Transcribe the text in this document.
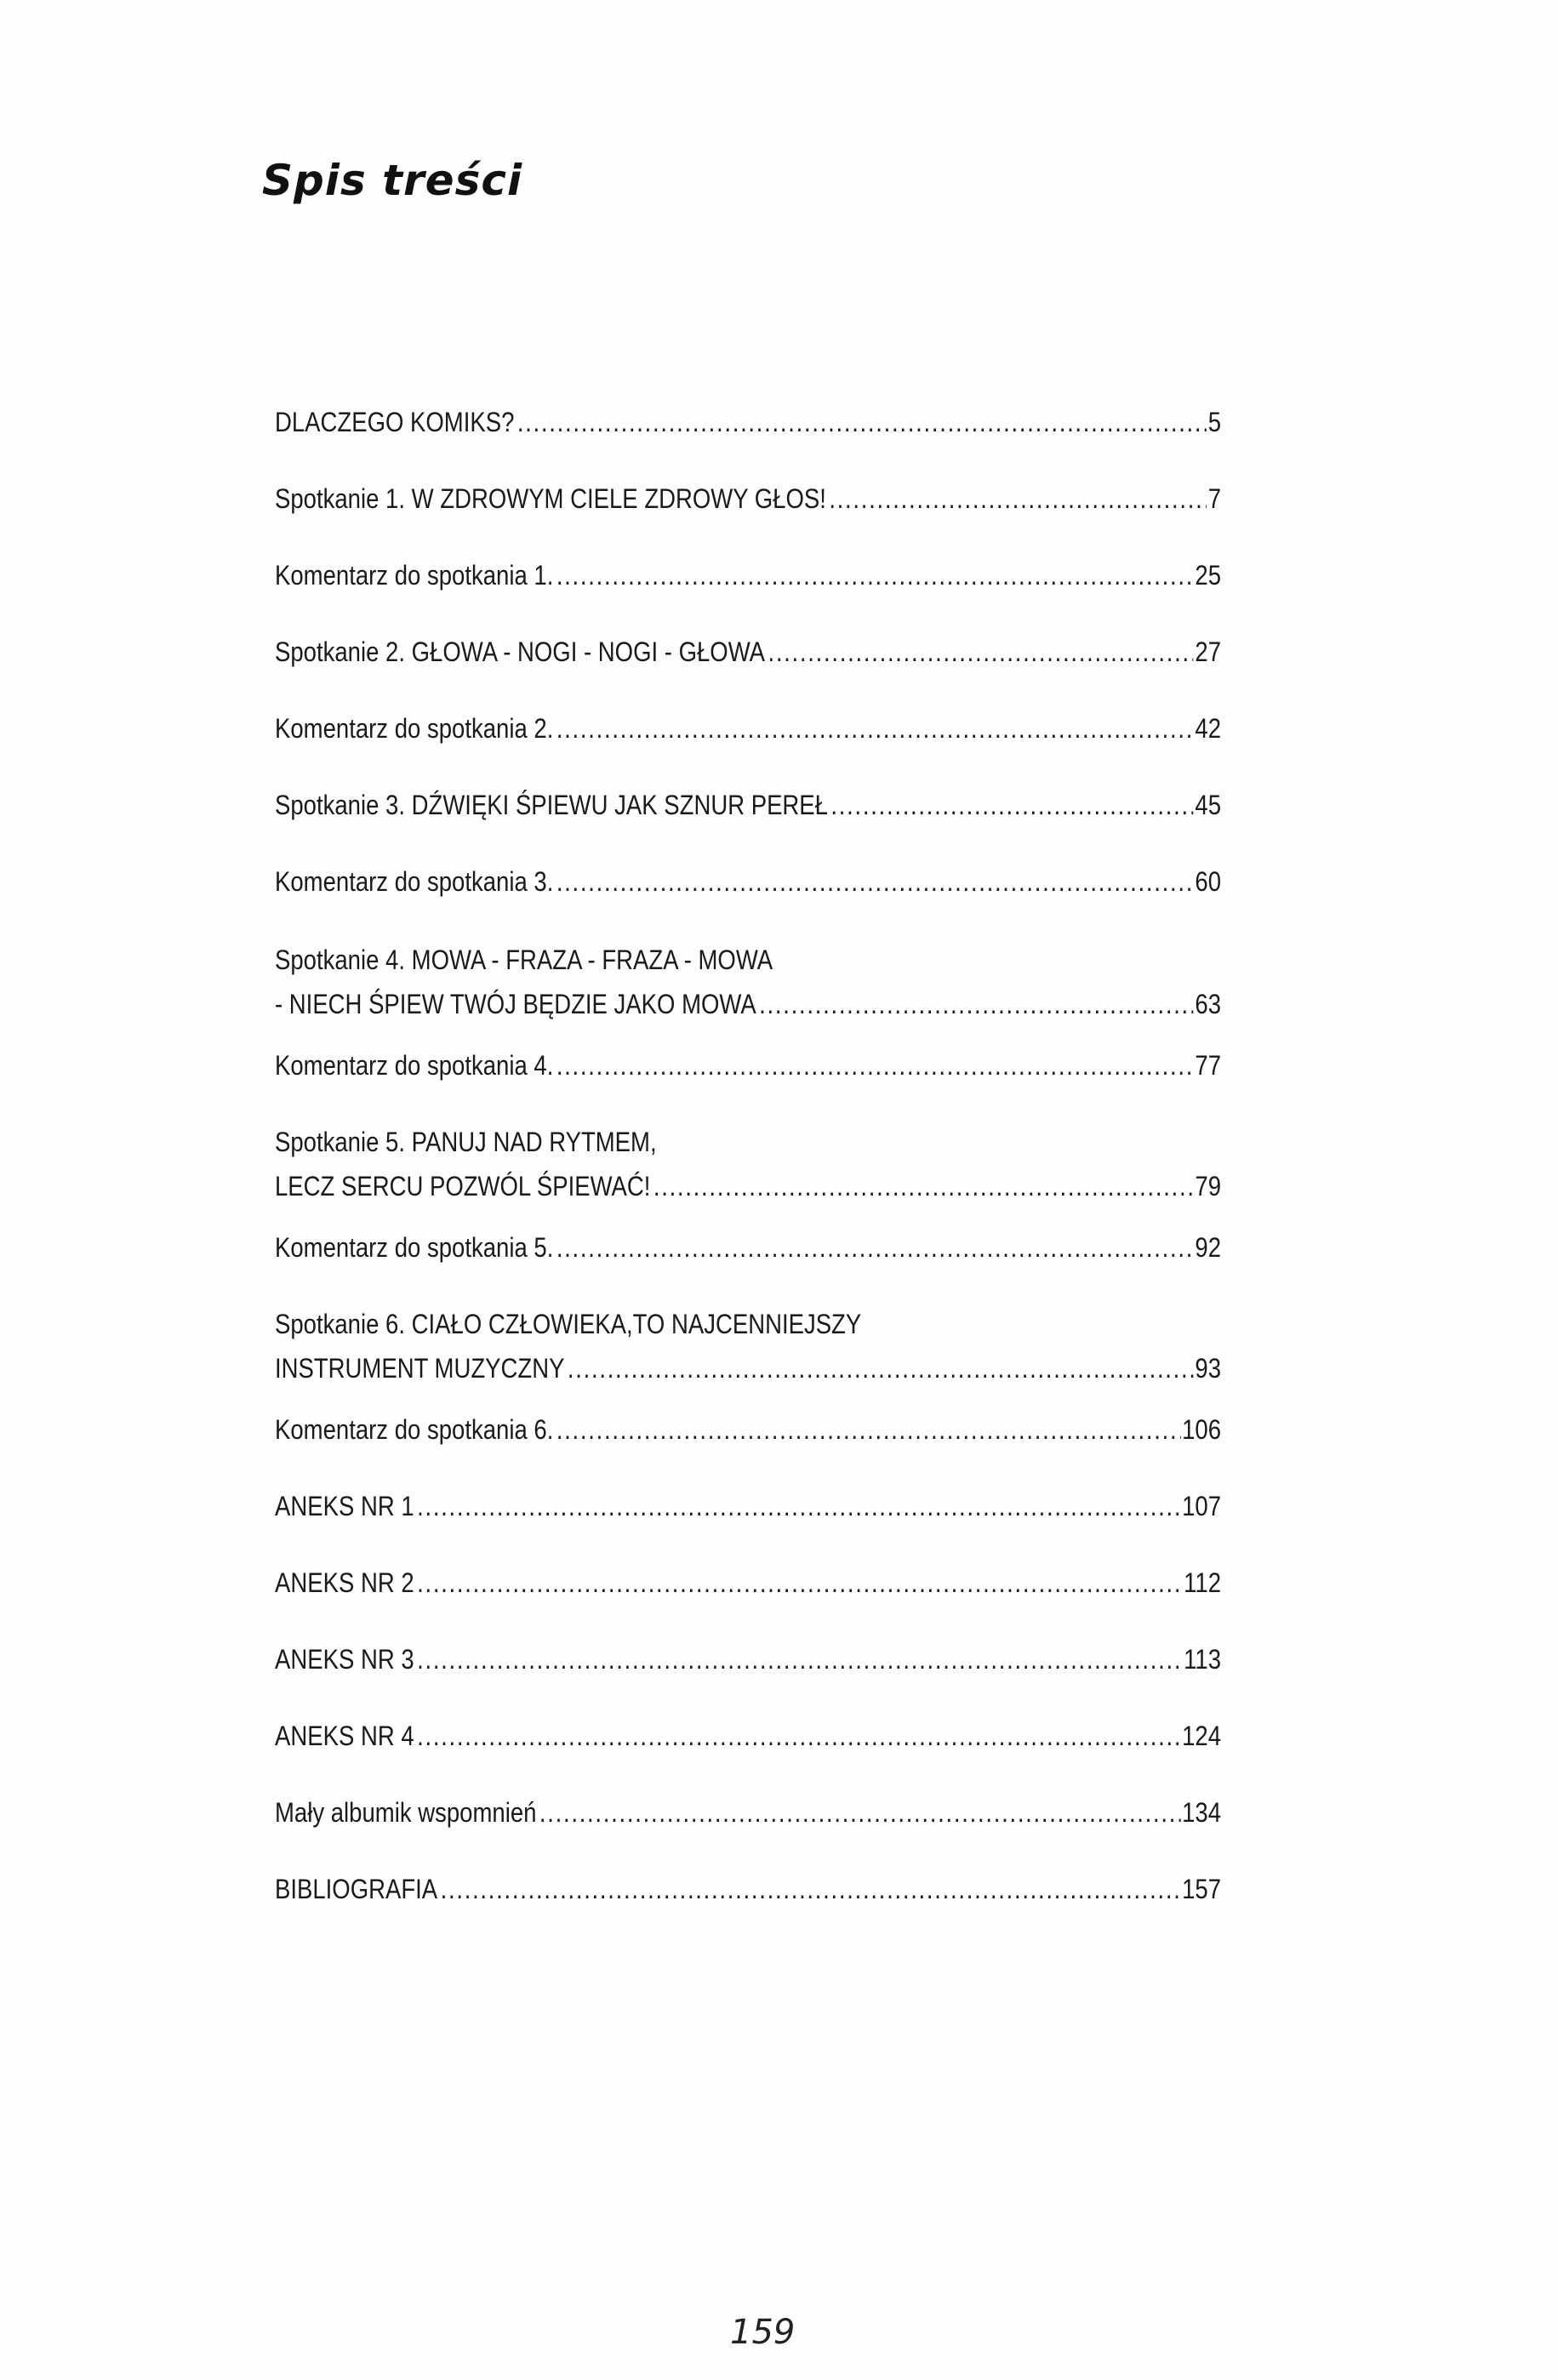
Spis treści
DLACZEGO KOMIKS? .....	5
Spotkanie 1. W ZDROWYM CIELE ZDROWY GŁOS! .....	7
Komentarz do spotkania 1. .....	25
Spotkanie 2. GŁOWA - NOGI - NOGI - GŁOWA .....	27
Komentarz do spotkania 2. .....	42
Spotkanie 3. DŹWIĘKI ŚPIEWU JAK SZNUR PEREŁ .....	45
Komentarz do spotkania 3. .....	60
Spotkanie 4. MOWA - FRAZA - FRAZA - MOWA
- NIECH ŚPIEW TWÓJ BĘDZIE JAKO MOWA .....	63
Komentarz do spotkania 4. .....	77
Spotkanie 5. PANUJ NAD RYTMEM,
LECZ SERCU POZWÓL ŚPIEWAĆ! .....	79
Komentarz do spotkania 5. .....	92
Spotkanie 6. CIAŁO CZŁOWIEKA,TO NAJCENNIEJSZY
INSTRUMENT MUZYCZNY .....	93
Komentarz do spotkania 6. .....	106
ANEKS NR 1 .....	107
ANEKS NR 2 .....	112
ANEKS NR 3 .....	113
ANEKS NR 4 .....	124
Mały albumik wspomnień .....	134
BIBLIOGRAFIA .....	157
159
